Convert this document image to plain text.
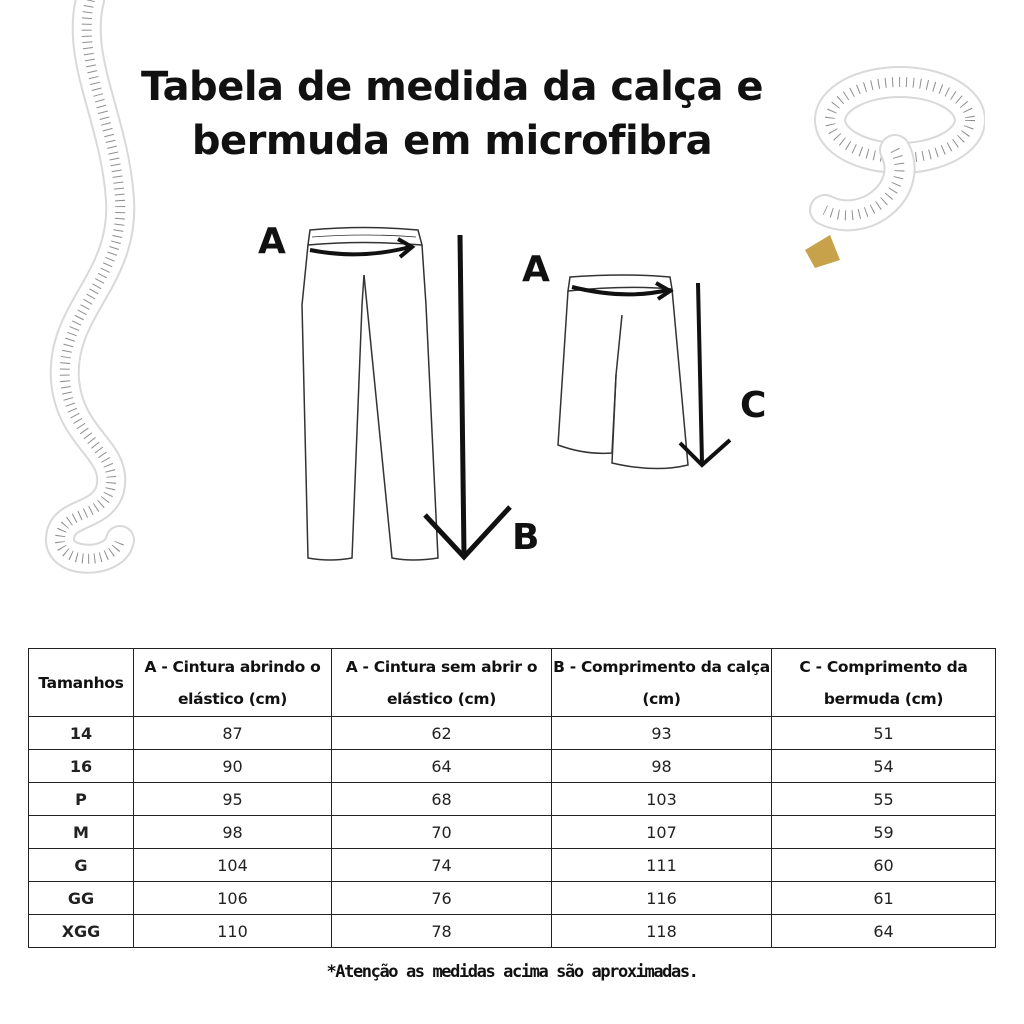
Tabela de medida da calça e
bermuda em microfibra
A
B
A
C
Tamanhos	A - Cintura abrindo o elástico (cm)	A - Cintura sem abrir o elástico (cm)	B - Comprimento da calça (cm)	C - Comprimento da bermuda (cm)
14	87	62	93	51
16	90	64	98	54
P	95	68	103	55
M	98	70	107	59
G	104	74	111	60
GG	106	76	116	61
XGG	110	78	118	64
*Atenção as medidas acima são aproximadas.
